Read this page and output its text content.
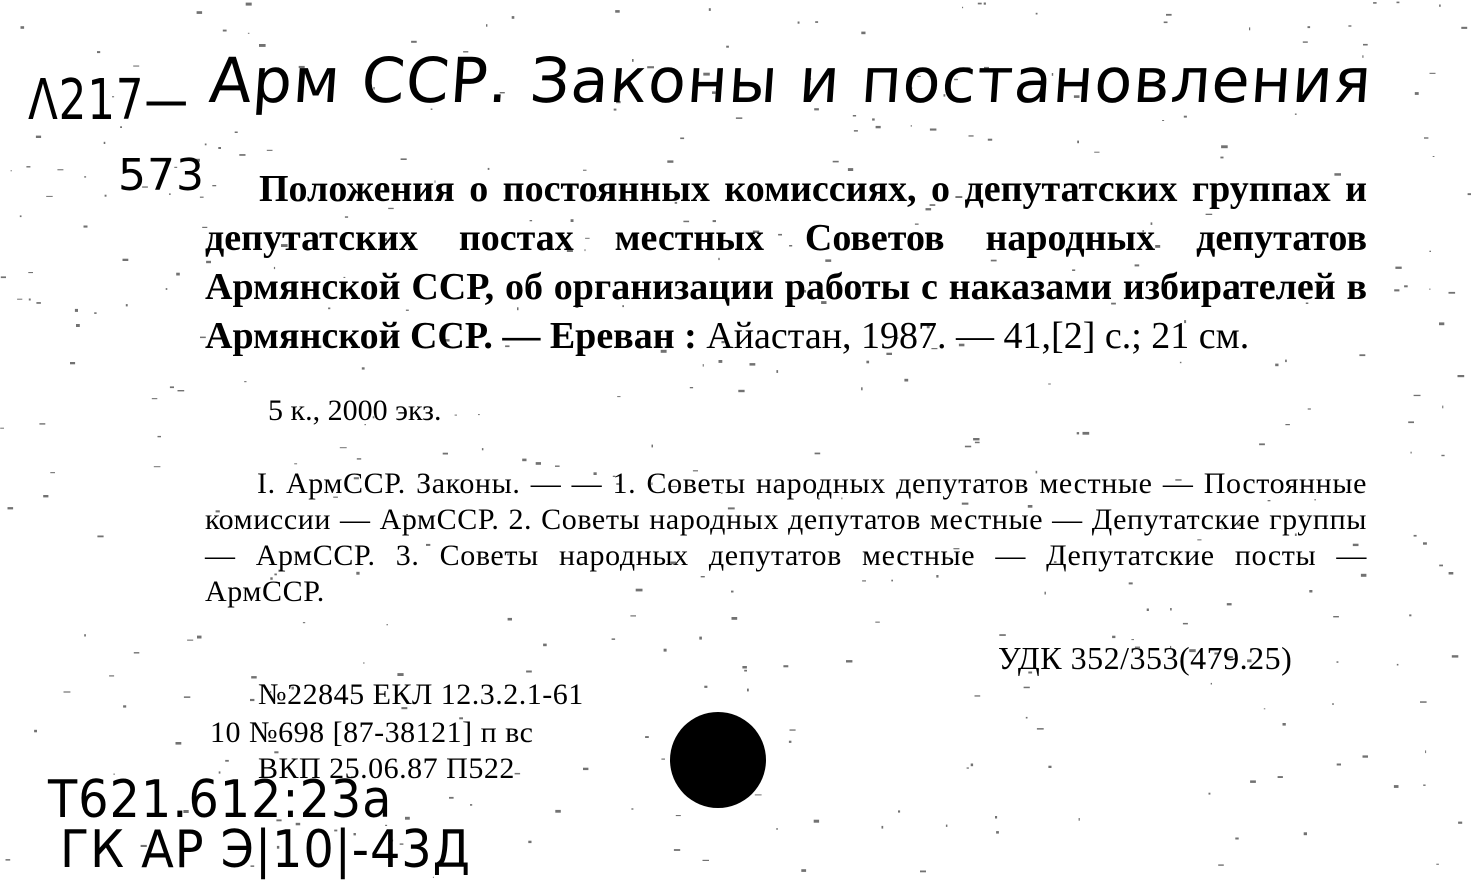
Λ217— Арм ССР. Законы и постановления
573	Положения о постоянных комиссиях, о депутатских группах и депутатских постах местных Советов народных депутатов Армянской ССР, об организации работы с наказами избирателей в Армянской ССР. — Ереван : Айастан, 1987. — 41,[2] с.; 21 см.
5 к., 2000 экз.
I. АрмССР. Законы. — — 1. Советы народных депутатов местные — Постоянные комиссии — АрмССР. 2. Советы народных депутатов местные — Депутатские группы — АрмССР. 3. Советы народных депутатов местные — Депутатские посты — АрмССР.
УДК 352/353(479.25)
№22845 ЕКЛ 12.3.2.1-61
10 №698 [87-38121] п вс
ВКП 25.06.87 П522
Т621.612:23а
ГК АР Э|10|-43Д
